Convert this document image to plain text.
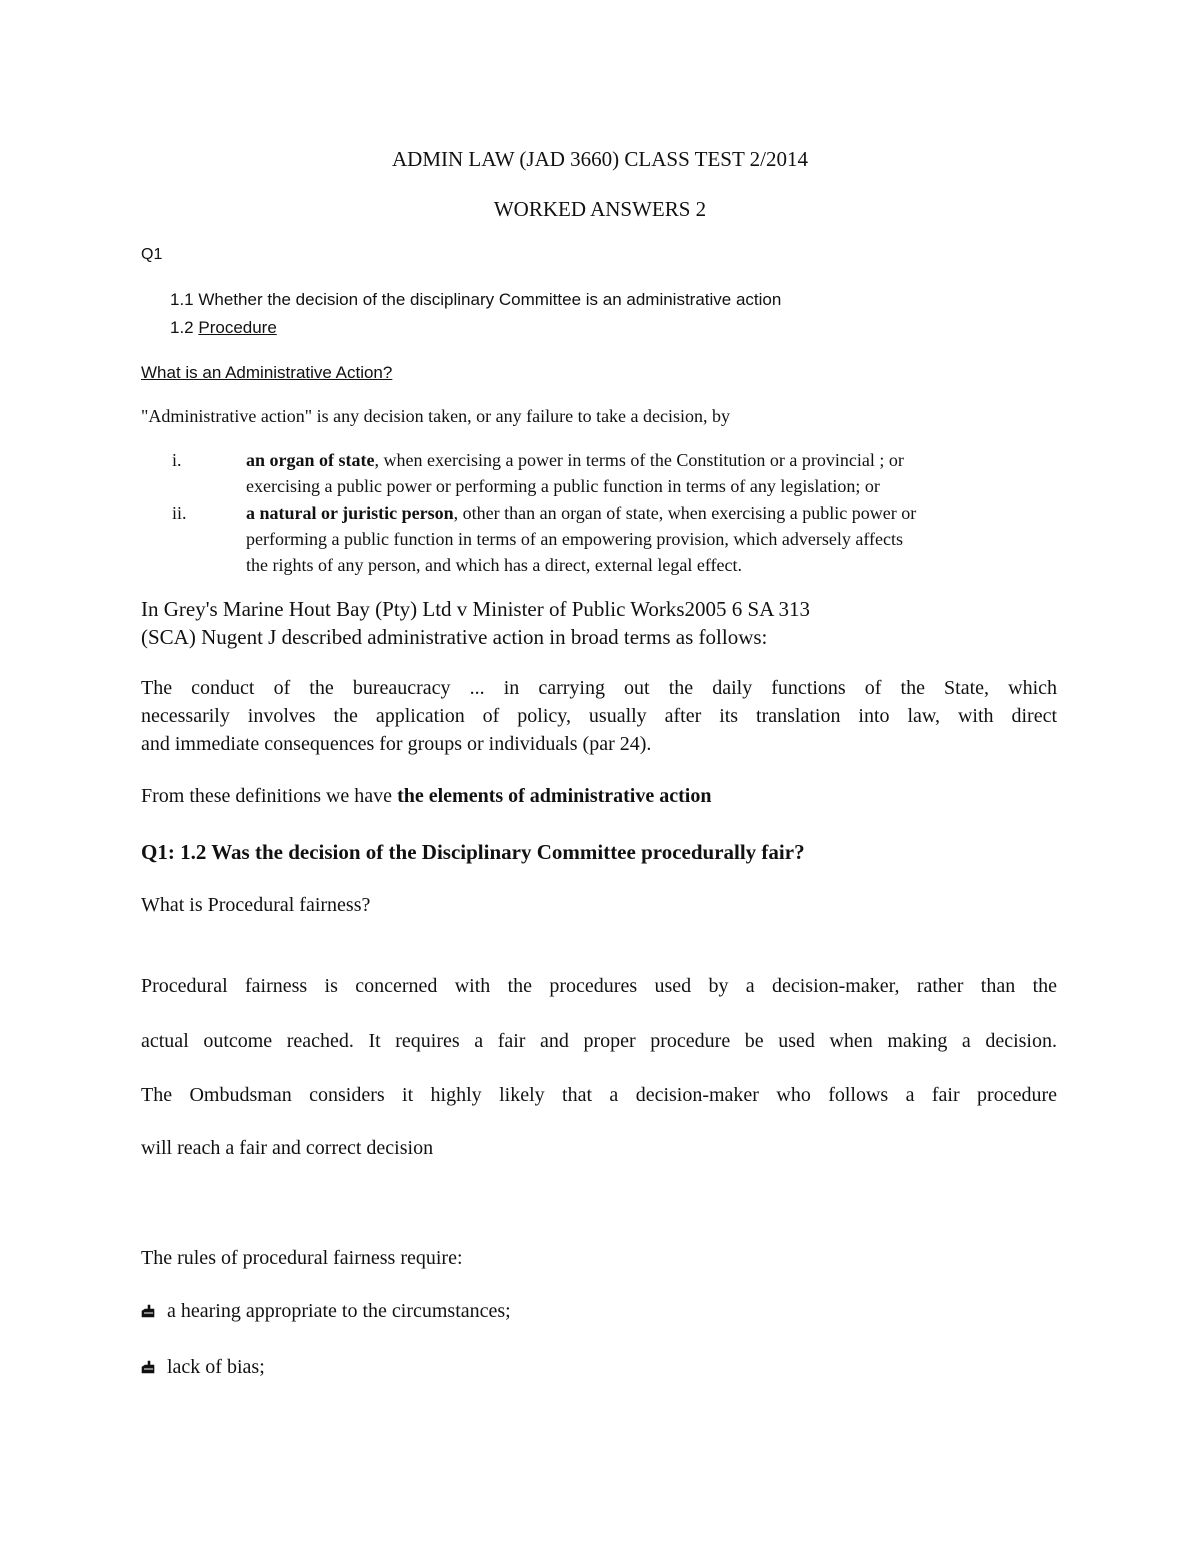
ADMIN LAW (JAD 3660) CLASS TEST 2/2014
WORKED ANSWERS 2
Q1
1.1 Whether the decision of the disciplinary Committee is an administrative action
1.2 Procedure
What is an Administrative Action?
"Administrative action" is any decision taken, or any failure to take a decision, by
i.	an organ of state, when exercising a power in terms of the Constitution or a provincial ; or
exercising a public power or performing a public function in terms of any legislation; or
ii.	a natural or juristic person, other than an organ of state, when exercising a public power or
performing a public function in terms of an empowering provision, which adversely affects
the rights of any person, and which has a direct, external legal effect.
In Grey's Marine Hout Bay (Pty) Ltd v Minister of Public Works2005 6 SA 313
(SCA) Nugent J described administrative action in broad terms as follows:
The conduct of the bureaucracy ... in carrying out the daily functions of the State, which
necessarily involves the application of policy, usually after its translation into law, with direct
and immediate consequences for groups or individuals (par 24).
From these definitions we have the elements of administrative action
Q1: 1.2 Was the decision of the Disciplinary Committee procedurally fair?
What is Procedural fairness?
Procedural fairness is concerned with the procedures used by a decision-maker, rather than the
actual outcome reached. It requires a fair and proper procedure be used when making a decision.
The Ombudsman considers it highly likely that a decision-maker who follows a fair procedure
will reach a fair and correct decision
The rules of procedural fairness require:
a hearing appropriate to the circumstances;
lack of bias;
